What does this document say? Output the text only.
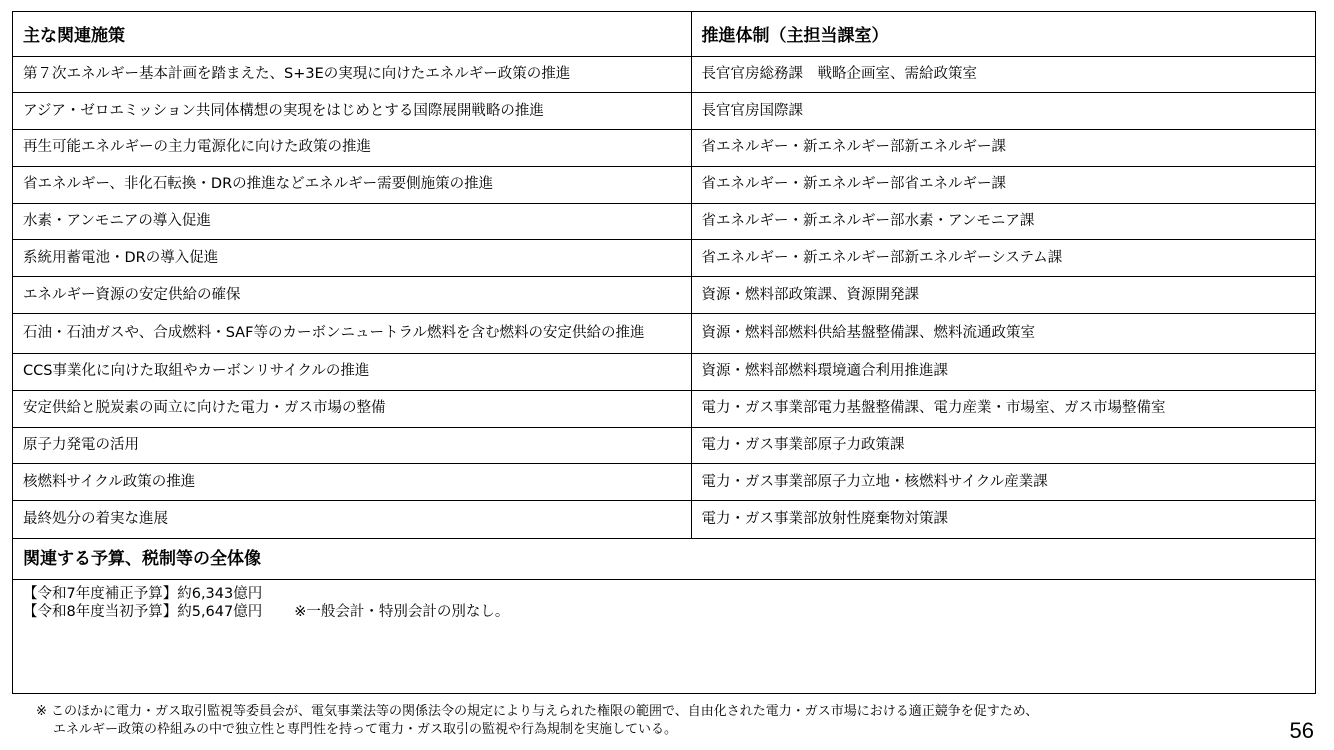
主な関連施策	推進体制（主担当課室）
第７次エネルギー基本計画を踏まえた、S+3Eの実現に向けたエネルギー政策の推進	長官官房総務課　戦略企画室、需給政策室
アジア・ゼロエミッション共同体構想の実現をはじめとする国際展開戦略の推進	長官官房国際課
再生可能エネルギーの主力電源化に向けた政策の推進	省エネルギー・新エネルギー部新エネルギー課
省エネルギー、非化石転換・DRの推進などエネルギー需要側施策の推進	省エネルギー・新エネルギー部省エネルギー課
水素・アンモニアの導入促進	省エネルギー・新エネルギー部水素・アンモニア課
系統用蓄電池・DRの導入促進	省エネルギー・新エネルギー部新エネルギーシステム課
エネルギー資源の安定供給の確保	資源・燃料部政策課、資源開発課
石油・石油ガスや、合成燃料・SAF等のカーボンニュートラル燃料を含む燃料の安定供給の推進	資源・燃料部燃料供給基盤整備課、燃料流通政策室
CCS事業化に向けた取組やカーボンリサイクルの推進	資源・燃料部燃料環境適合利用推進課
安定供給と脱炭素の両立に向けた電力・ガス市場の整備	電力・ガス事業部電力基盤整備課、電力産業・市場室、ガス市場整備室
原子力発電の活用	電力・ガス事業部原子力政策課
核燃料サイクル政策の推進	電力・ガス事業部原子力立地・核燃料サイクル産業課
最終処分の着実な進展	電力・ガス事業部放射性廃棄物対策課
関連する予算、税制等の全体像
【令和7年度補正予算】約6,343億円
【令和8年度当初予算】約5,647億円 ※一般会計・特別会計の別なし。
※ このほかに電力・ガス取引監視等委員会が、電気事業法等の関係法令の規定により与えられた権限の範囲で、自由化された電力・ガス市場における適正競争を促すため、
エネルギー政策の枠組みの中で独立性と専門性を持って電力・ガス取引の監視や行為規制を実施している。	56
